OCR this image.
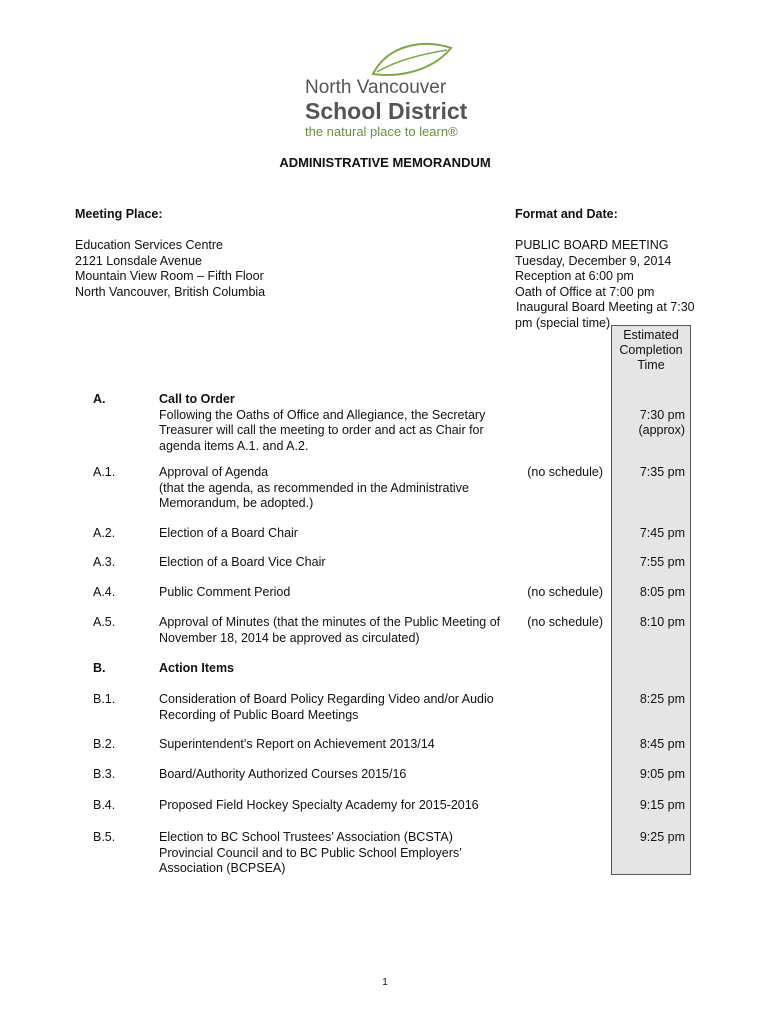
North Vancouver
School District
the natural place to learn®
ADMINISTRATIVE MEMORANDUM
Meeting Place:
Education Services Centre
2121 Lonsdale Avenue
Mountain View Room – Fifth Floor
North Vancouver, British Columbia
Format and Date:
PUBLIC BOARD MEETING
Tuesday, December 9, 2014
Reception at 6:00 pm
Oath of Office at 7:00 pm
Inaugural Board Meeting at 7:30
pm (special time)
Estimated
Completion
Time
A.	Call to Order
Following the Oaths of Office and Allegiance, the Secretary
Treasurer will call the meeting to order and act as Chair for
agenda items A.1. and A.2.
7:30 pm
(approx)
A.1.	Approval of Agenda
(that the agenda, as recommended in the Administrative
Memorandum, be adopted.)
(no schedule)	7:35 pm
A.2.	Election of a Board Chair	7:45 pm
A.3.	Election of a Board Vice Chair	7:55 pm
A.4.	Public Comment Period	(no schedule)	8:05 pm
A.5.	Approval of Minutes (that the minutes of the Public Meeting of
November 18, 2014 be approved as circulated)
(no schedule)	8:10 pm
B.	Action Items
B.1.	Consideration of Board Policy Regarding Video and/or Audio
Recording of Public Board Meetings
8:25 pm
B.2.	Superintendent’s Report on Achievement 2013/14	8:45 pm
B.3.	Board/Authority Authorized Courses 2015/16	9:05 pm
B.4.	Proposed Field Hockey Specialty Academy for 2015-2016	9:15 pm
B.5.	Election to BC School Trustees’ Association (BCSTA)
Provincial Council and to BC Public School Employers’
Association (BCPSEA)
9:25 pm
1
